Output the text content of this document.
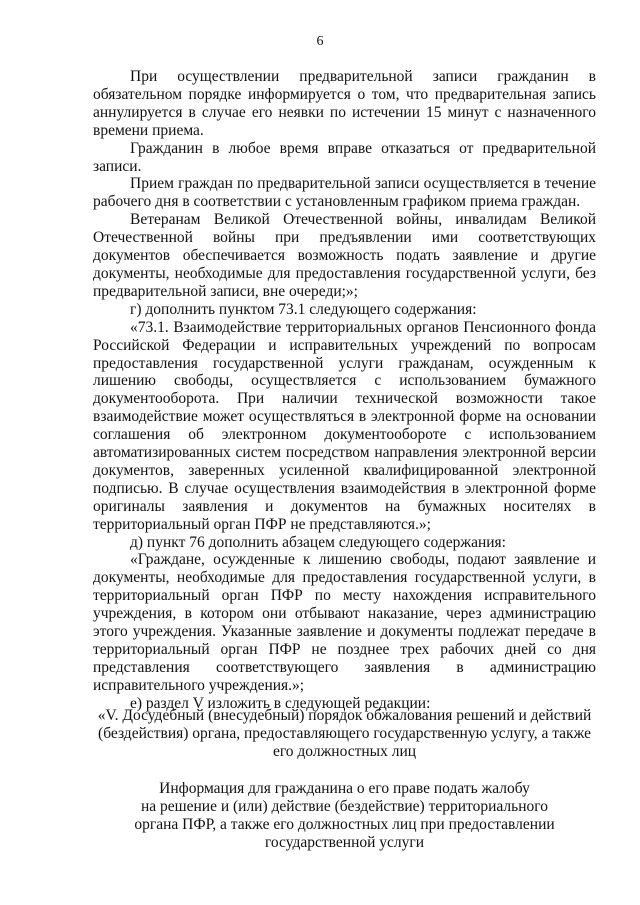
6

При осуществлении предварительной записи гражданин в обязательном порядке информируется о том, что предварительная запись аннулируется в случае его неявки по истечении 15 минут с назначенного времени приема.

Гражданин в любое время вправе отказаться от предварительной записи.

Прием граждан по предварительной записи осуществляется в течение рабочего дня в соответствии с установленным графиком приема граждан.

Ветеранам Великой Отечественной войны, инвалидам Великой Отечественной войны при предъявлении ими соответствующих документов обеспечивается возможность подать заявление и другие документы, необходимые для предоставления государственной услуги, без предварительной записи, вне очереди;»;

г) дополнить пунктом 73.1 следующего содержания:

«73.1. Взаимодействие территориальных органов Пенсионного фонда Российской Федерации и исправительных учреждений по вопросам предоставления государственной услуги гражданам, осужденным к лишению свободы, осуществляется с использованием бумажного документооборота. При наличии технической возможности такое взаимодействие может осуществляться в электронной форме на основании соглашения об электронном документообороте с использованием автоматизированных систем посредством направления электронной версии документов, заверенных усиленной квалифицированной электронной подписью. В случае осуществления взаимодействия в электронной форме оригиналы заявления и документов на бумажных носителях в территориальный орган ПФР не представляются.»;

д) пункт 76 дополнить абзацем следующего содержания:

«Граждане, осужденные к лишению свободы, подают заявление и документы, необходимые для предоставления государственной услуги, в территориальный орган ПФР по месту нахождения исправительного учреждения, в котором они отбывают наказание, через администрацию этого учреждения. Указанные заявление и документы подлежат передаче в территориальный орган ПФР не позднее трех рабочих дней со дня представления соответствующего заявления в администрацию исправительного учреждения.»;

е) раздел V изложить в следующей редакции:

«V. Досудебный (внесудебный) порядок обжалования решений и действий

(бездействия) органа, предоставляющего государственную услугу, а также

его должностных лиц

Информация для гражданина о его праве подать жалобу

на решение и (или) действие (бездействие) территориального

органа ПФР, а также его должностных лиц при предоставлении

государственной услуги
